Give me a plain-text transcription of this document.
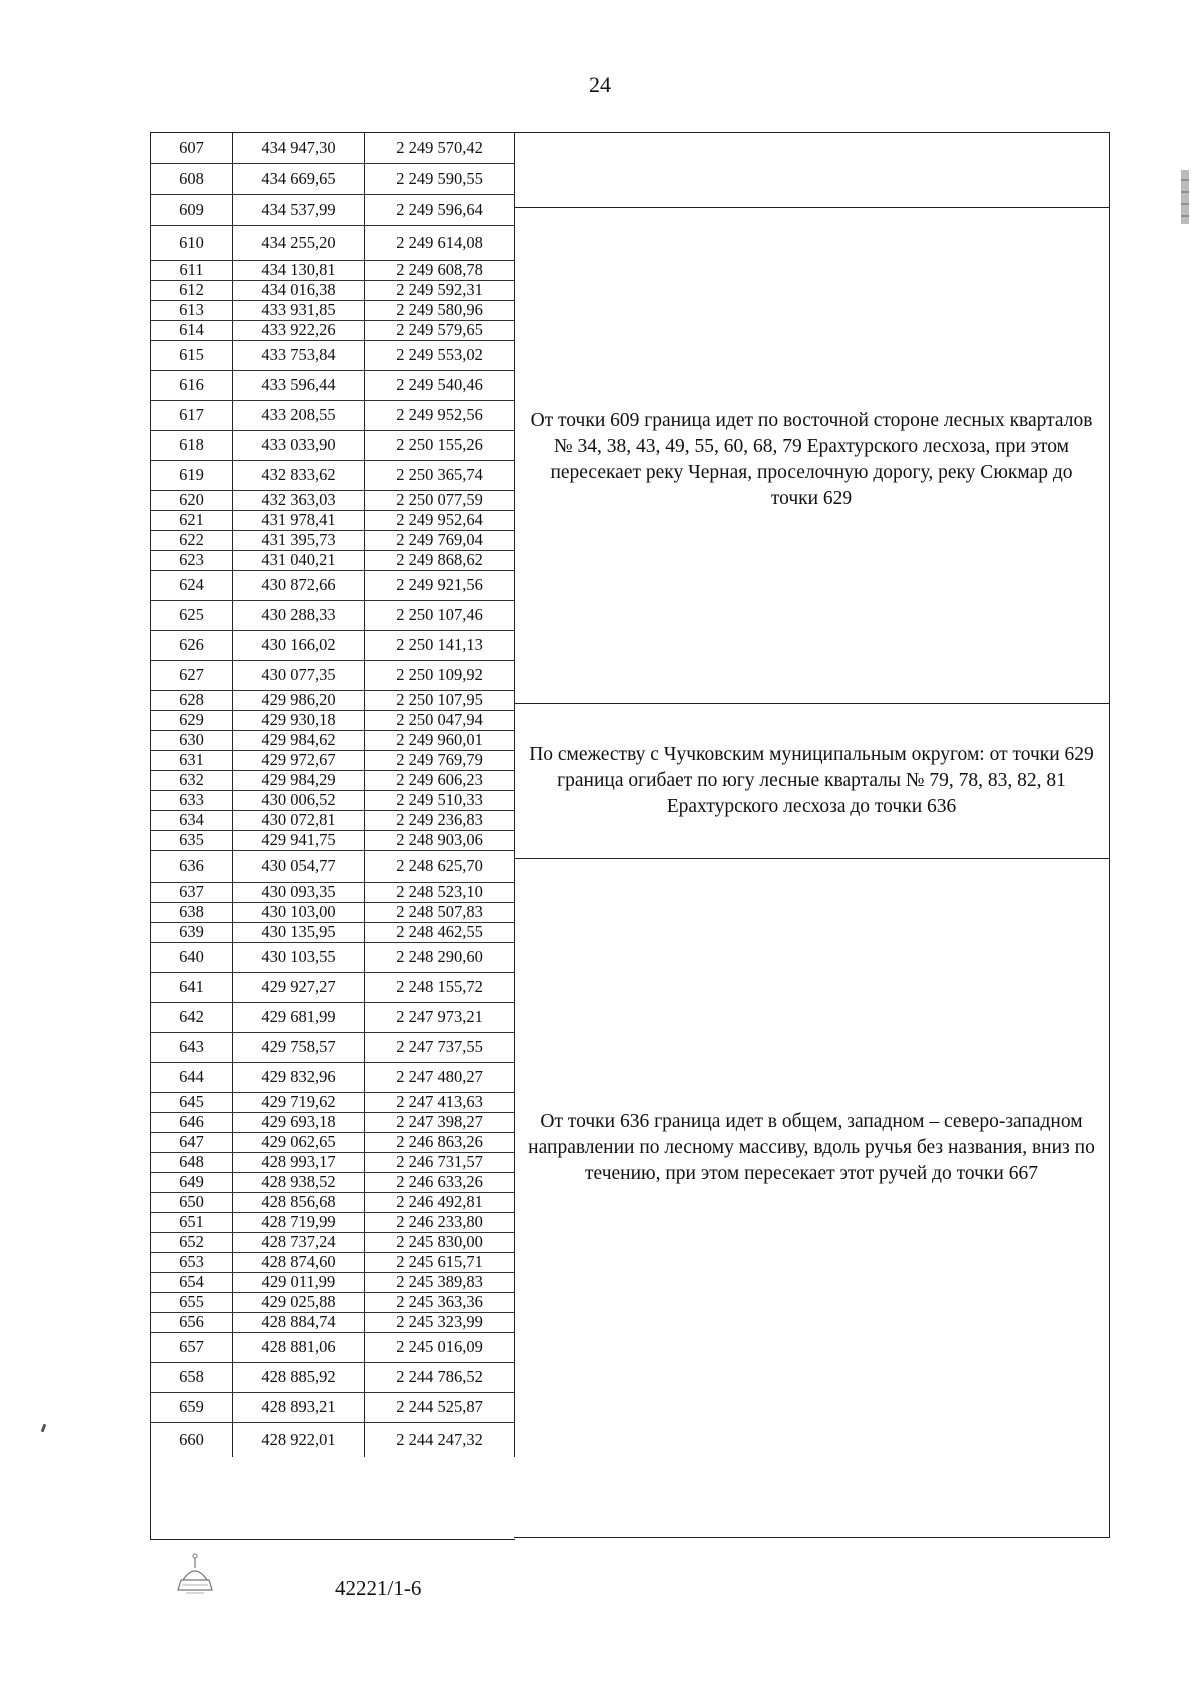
24
607	434 947,30	2 249 570,42
608	434 669,65	2 249 590,55
609	434 537,99	2 249 596,64
610	434 255,20	2 249 614,08
611	434 130,81	2 249 608,78
612	434 016,38	2 249 592,31
613	433 931,85	2 249 580,96
614	433 922,26	2 249 579,65
615	433 753,84	2 249 553,02
616	433 596,44	2 249 540,46
617	433 208,55	2 249 952,56
618	433 033,90	2 250 155,26
619	432 833,62	2 250 365,74
620	432 363,03	2 250 077,59
621	431 978,41	2 249 952,64
622	431 395,73	2 249 769,04
623	431 040,21	2 249 868,62
624	430 872,66	2 249 921,56
625	430 288,33	2 250 107,46
626	430 166,02	2 250 141,13
627	430 077,35	2 250 109,92
628	429 986,20	2 250 107,95
629	429 930,18	2 250 047,94
630	429 984,62	2 249 960,01
631	429 972,67	2 249 769,79
632	429 984,29	2 249 606,23
633	430 006,52	2 249 510,33
634	430 072,81	2 249 236,83
635	429 941,75	2 248 903,06
636	430 054,77	2 248 625,70
637	430 093,35	2 248 523,10
638	430 103,00	2 248 507,83
639	430 135,95	2 248 462,55
640	430 103,55	2 248 290,60
641	429 927,27	2 248 155,72
642	429 681,99	2 247 973,21
643	429 758,57	2 247 737,55
644	429 832,96	2 247 480,27
645	429 719,62	2 247 413,63
646	429 693,18	2 247 398,27
647	429 062,65	2 246 863,26
648	428 993,17	2 246 731,57
649	428 938,52	2 246 633,26
650	428 856,68	2 246 492,81
651	428 719,99	2 246 233,80
652	428 737,24	2 245 830,00
653	428 874,60	2 245 615,71
654	429 011,99	2 245 389,83
655	429 025,88	2 245 363,36
656	428 884,74	2 245 323,99
657	428 881,06	2 245 016,09
658	428 885,92	2 244 786,52
659	428 893,21	2 244 525,87
660	428 922,01	2 244 247,32
От точки 609 граница идет по восточной стороне лесных кварталов № 34, 38, 43, 49, 55, 60, 68, 79 Ерахтурского лесхоза, при этом пересекает реку Черная, проселочную дорогу, реку Сюкмар до точки 629
По смежеству с Чучковским муниципальным округом: от точки 629 граница огибает по югу лесные кварталы № 79, 78, 83, 82, 81 Ерахтурского лесхоза до точки 636
От точки 636 граница идет в общем, западном – северо-западном направлении по лесному массиву, вдоль ручья без названия, вниз по течению, при этом пересекает этот ручей до точки 667
42221/1-6
